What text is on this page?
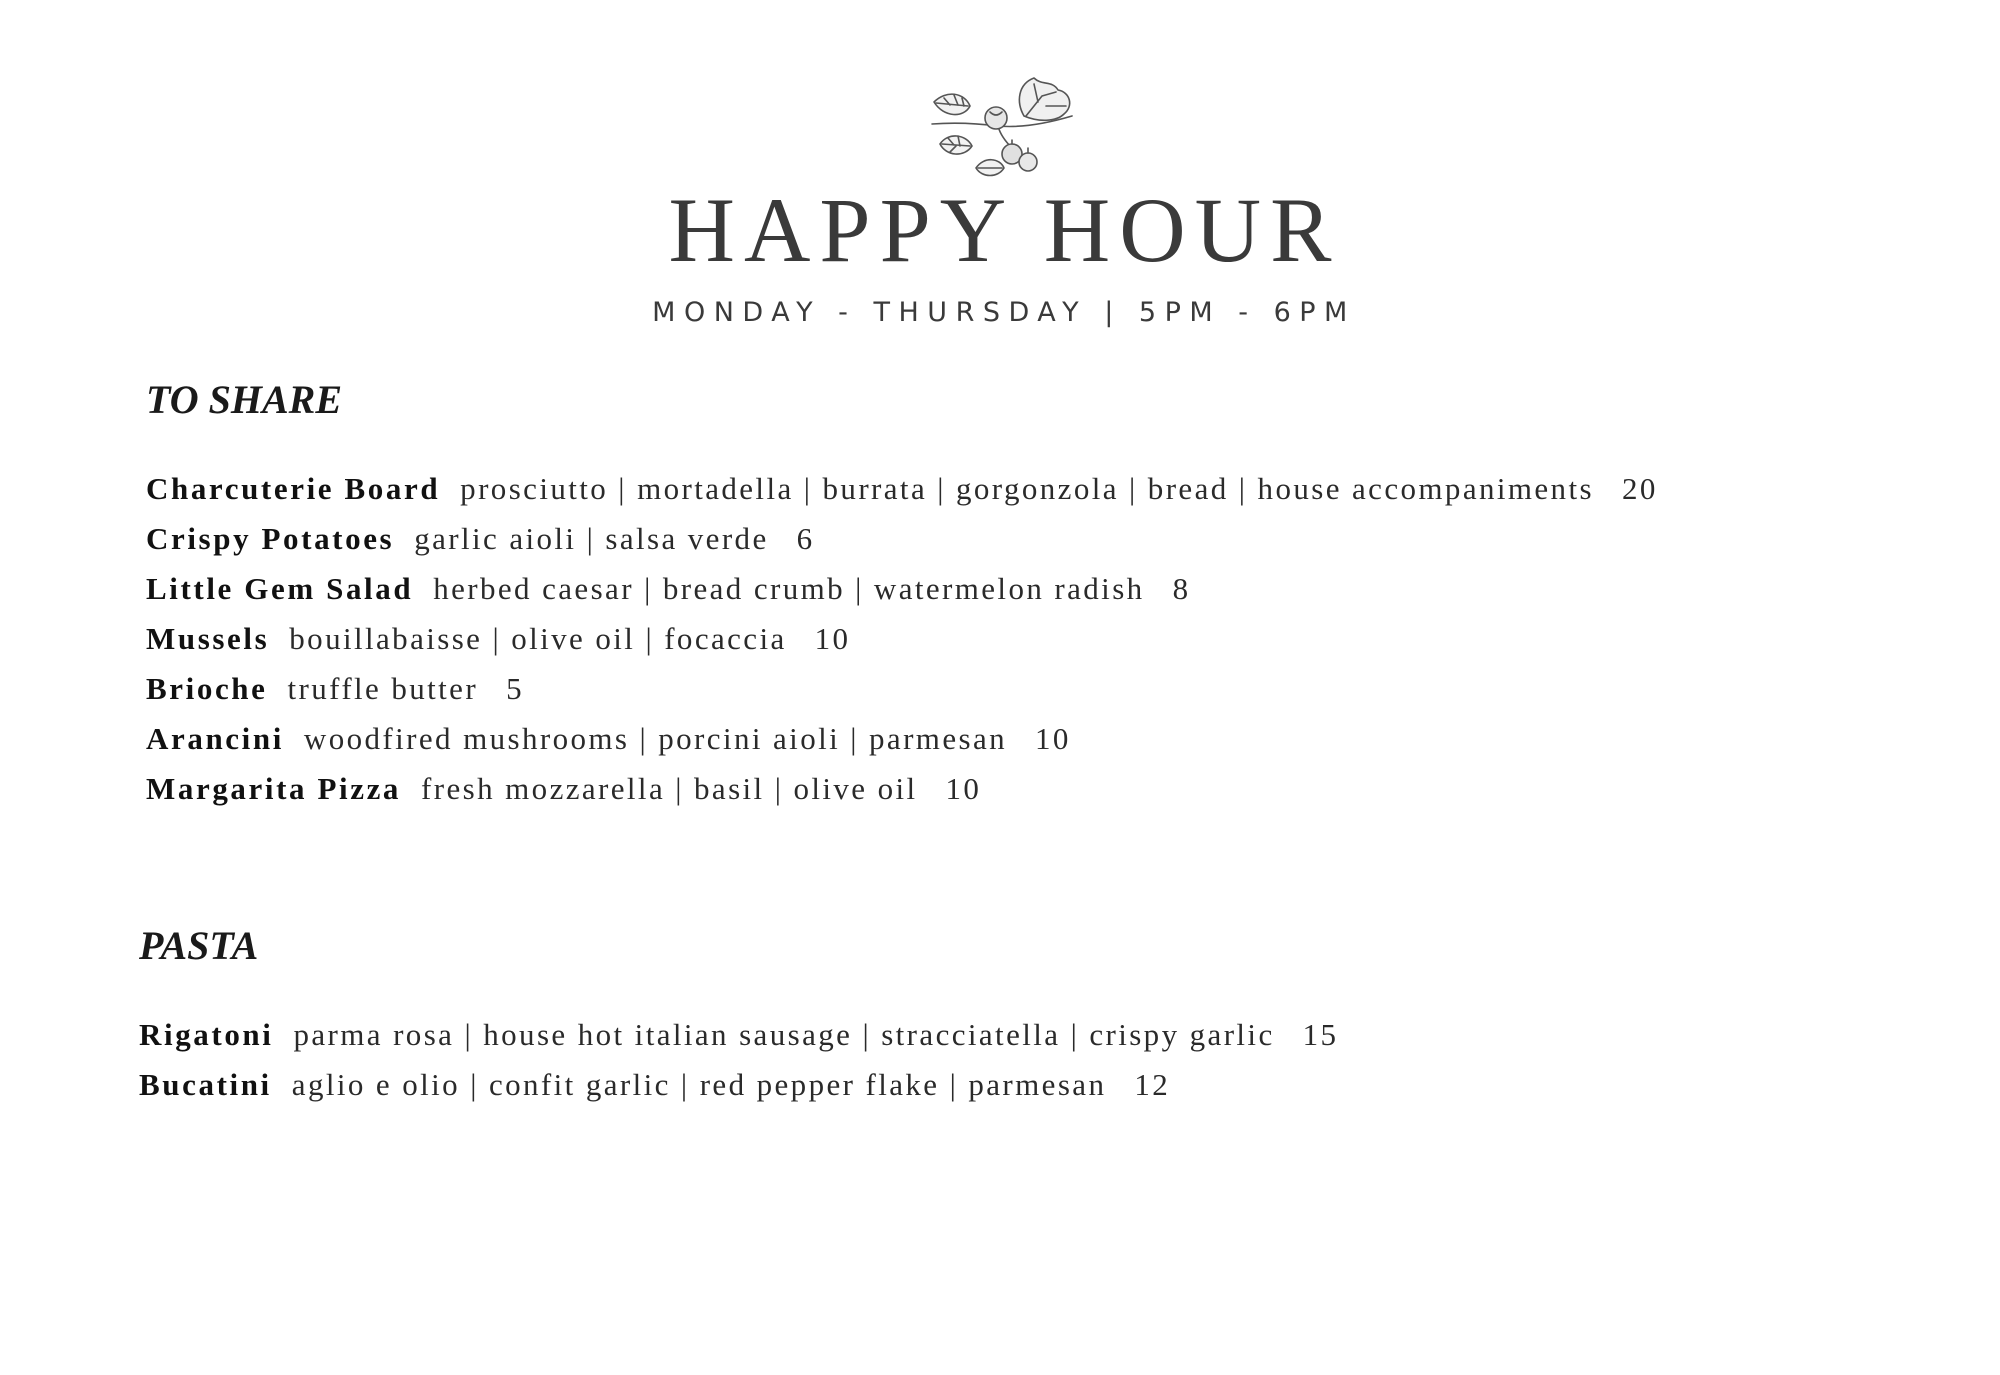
HAPPY HOUR
MONDAY - THURSDAY | 5PM - 6PM
TO SHARE
Charcuterie Board prosciutto | mortadella | burrata | gorgonzola | bread | house accompaniments 20
Crispy Potatoes garlic aioli | salsa verde 6
Little Gem Salad herbed caesar | bread crumb | watermelon radish 8
Mussels bouillabaisse | olive oil | focaccia 10
Brioche truffle butter 5
Arancini woodfired mushrooms | porcini aioli | parmesan 10
Margarita Pizza fresh mozzarella | basil | olive oil 10
PASTA
Rigatoni parma rosa | house hot italian sausage | stracciatella | crispy garlic 15
Bucatini aglio e olio | confit garlic | red pepper flake | parmesan 12
